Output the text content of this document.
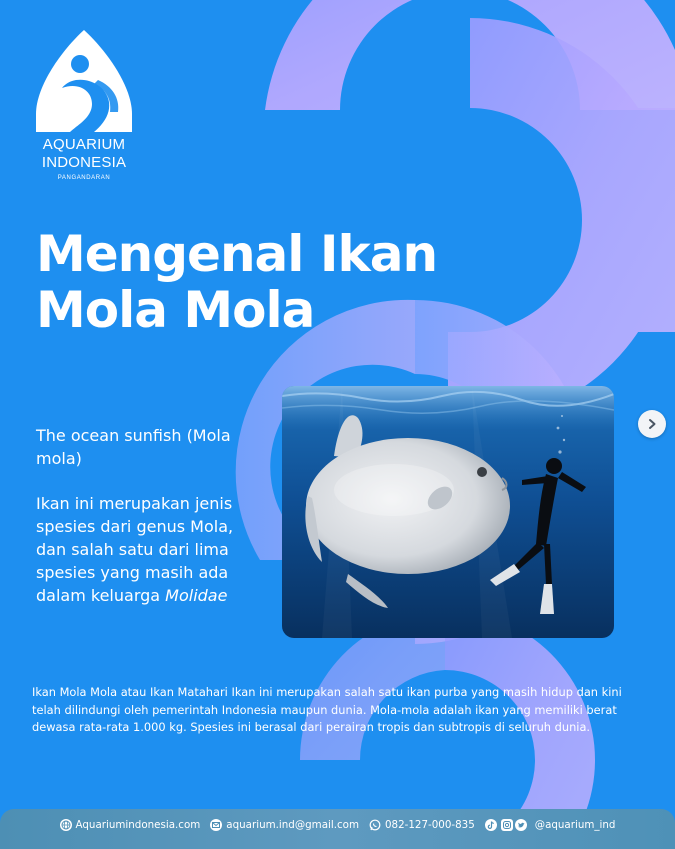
AQUARIUM
INDONESIA
PANGANDARAN
Mengenal Ikan
Mola Mola

The ocean sunfish (Mola mola)

Ikan ini merupakan jenis spesies dari genus Mola, dan salah satu dari lima spesies yang masih ada dalam keluarga Molidae

Ikan Mola Mola atau Ikan Matahari Ikan ini merupakan salah satu ikan purba yang masih hidup dan kini telah dilindungi oleh pemerintah Indonesia maupun dunia. Mola-mola adalah ikan yang memiliki berat dewasa rata-rata 1.000 kg. Spesies ini berasal dari perairan tropis dan subtropis di seluruh dunia.

Aquariumindonesia.com	aquarium.ind@gmail.com	082-127-000-835	@aquarium_ind
